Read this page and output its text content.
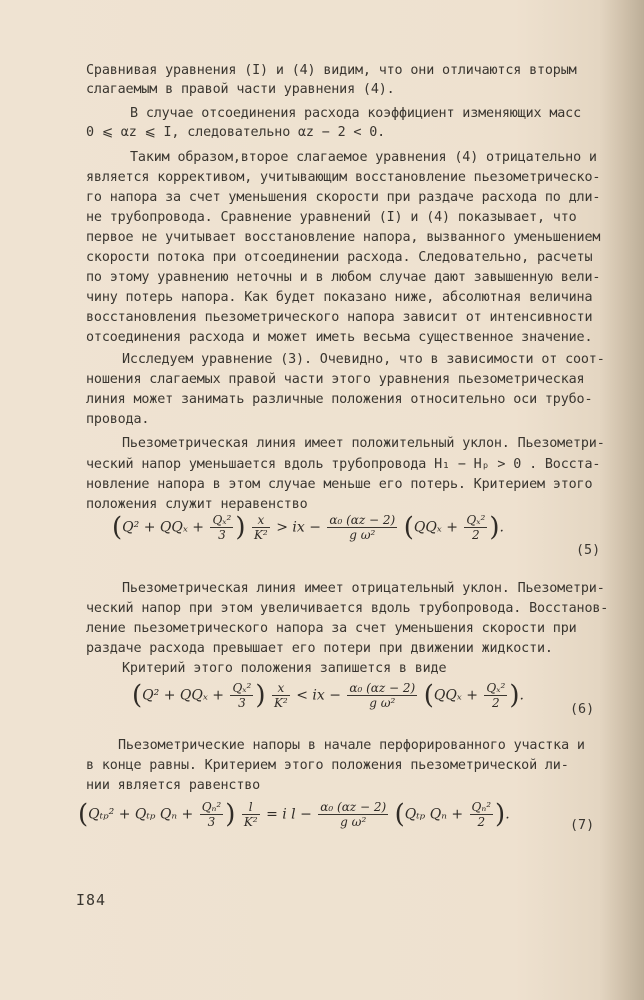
Сравнивая уравнения (I) и (4) видим, что они отличаются вторым
слагаемым в правой части уравнения (4).
В случае отсоединения расхода коэффициент изменяющих масс
0 ⩽ αz ⩽ I, следовательно αz − 2 < 0.
Таким образом,второе слагаемое уравнения (4) отрицательно и
является коррективом, учитывающим восстановление пьезометрическо-
го напора за счет уменьшения скорости при раздаче расхода по дли-
не трубопровода. Сравнение уравнений (I) и (4) показывает, что
первое не учитывает восстановление напора, вызванного уменьшением
скорости потока при отсоединении расхода. Следовательно, расчеты
по этому уравнению неточны и в любом случае дают завышенную вели-
чину потерь напора. Как будет показано ниже, абсолютная величина
восстановления пьезометрического напора зависит от интенсивности
отсоединения расхода и может иметь весьма существенное значение.
Исследуем уравнение (3). Очевидно, что в зависимости от соот-
ношения слагаемых правой части этого уравнения пьезометрическая
линия может занимать различные положения относительно оси трубо-
провода.
Пьезометрическая линия имеет положительный уклон. Пьезометри-
ческий напор уменьшается вдоль трубопровода H₁ − Hₚ > 0 . Восста-
новление напора в этом случае меньше его потерь. Критерием этого
положения служит неравенство
($Q^2 + QQ_x + \frac{\text{Qₓ²}}{3}$ ) $\frac{x}{\text{K²}}$ > ix − $\frac{\text{α₀ (αz − 2)}}{\text{g ω²}} (QQ_x + \frac{\text{Qₓ²}}{2}$ ).
(5)
Пьезометрическая линия имеет отрицательный уклон. Пьезометри-
ческий напор при этом увеличивается вдоль трубопровода. Восстанов-
ление пьезометрического напора за счет уменьшения скорости при
раздаче расхода превышает его потери при движении жидкости.
Критерий этого положения запишется в виде
($Q^2 + QQ_x + \frac{\text{Qₓ²}}{3}$ ) $\frac{x}{\text{K²}}$ < ix − $\frac{\text{α₀ (αz − 2)}}{\text{g ω²}} (QQ_x + \frac{\text{Qₓ²}}{2}$ ).
(6)
Пьезометрические напоры в начале перфорированного участка и
в конце равны. Критерием этого положения пьезометрической ли-
нии является равенство
(Qₜₚ² + Qₜₚ $Q_n + \frac{\text{Qₙ²}}{3}$ ) $\frac{l}{\text{K²}} = i$ $l - \frac{\text{α₀ (αz − 2)}}{\text{g ω²}} (Q_{tp}$ $Q_n + \frac{\text{Qₙ²}}{2}$ ).
(7)
I84
